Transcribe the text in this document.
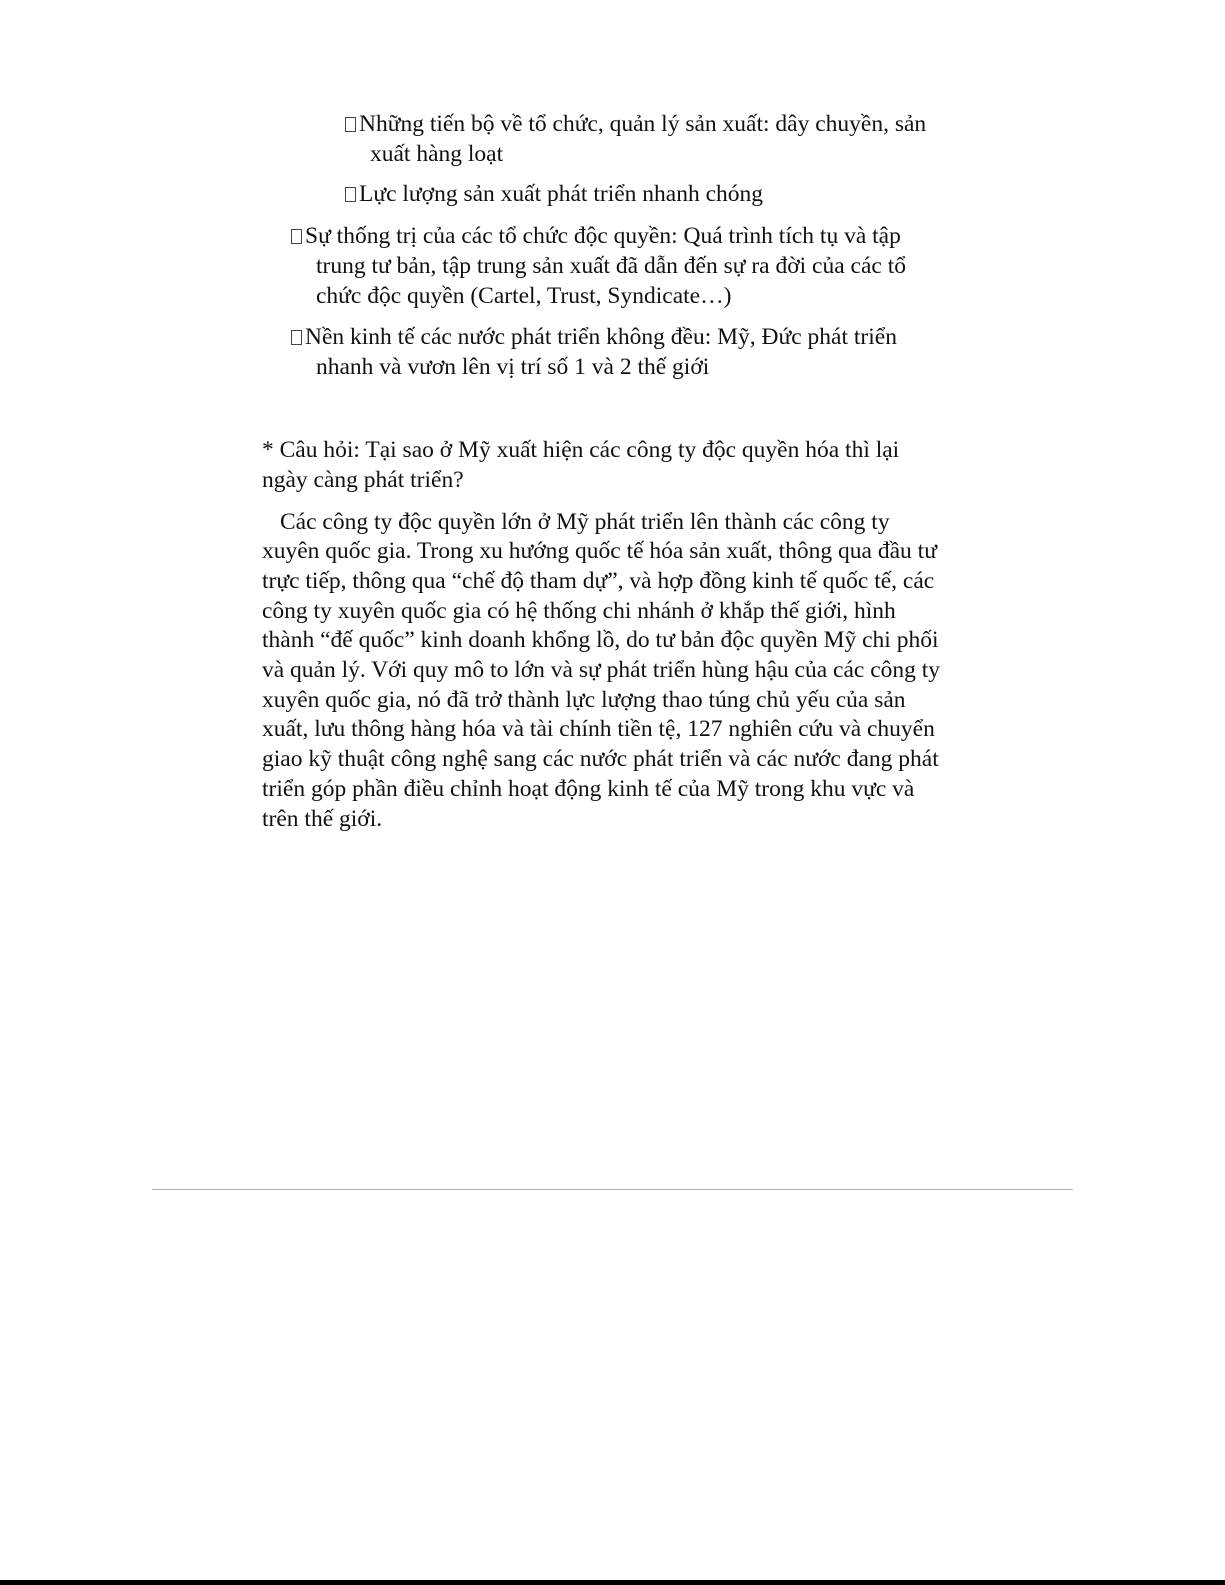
Những tiến bộ về tổ chức, quản lý sản xuất: dây chuyền, sản
xuất hàng loạt
Lực lượng sản xuất phát triển nhanh chóng
Sự thống trị của các tổ chức độc quyền: Quá trình tích tụ và tập
trung tư bản, tập trung sản xuất đã dẫn đến sự ra đời của các tổ
chức độc quyền (Cartel, Trust, Syndicate…)
Nền kinh tế các nước phát triển không đều: Mỹ, Đức phát triển
nhanh và vươn lên vị trí số 1 và 2 thế giới
* Câu hỏi: Tại sao ở Mỹ xuất hiện các công ty độc quyền hóa thì lại
ngày càng phát triển?
Các công ty độc quyền lớn ở Mỹ phát triển lên thành các công ty
xuyên quốc gia. Trong xu hướng quốc tế hóa sản xuất, thông qua đầu tư
trực tiếp, thông qua “chế độ tham dự”, và hợp đồng kinh tế quốc tế, các
công ty xuyên quốc gia có hệ thống chi nhánh ở khắp thế giới, hình
thành “đế quốc” kinh doanh khổng lồ, do tư bản độc quyền Mỹ chi phối
và quản lý. Với quy mô to lớn và sự phát triển hùng hậu của các công ty
xuyên quốc gia, nó đã trở thành lực lượng thao túng chủ yếu của sản
xuất, lưu thông hàng hóa và tài chính tiền tệ, 127 nghiên cứu và chuyển
giao kỹ thuật công nghệ sang các nước phát triển và các nước đang phát
triển góp phần điều chỉnh hoạt động kinh tế của Mỹ trong khu vực và
trên thế giới.
